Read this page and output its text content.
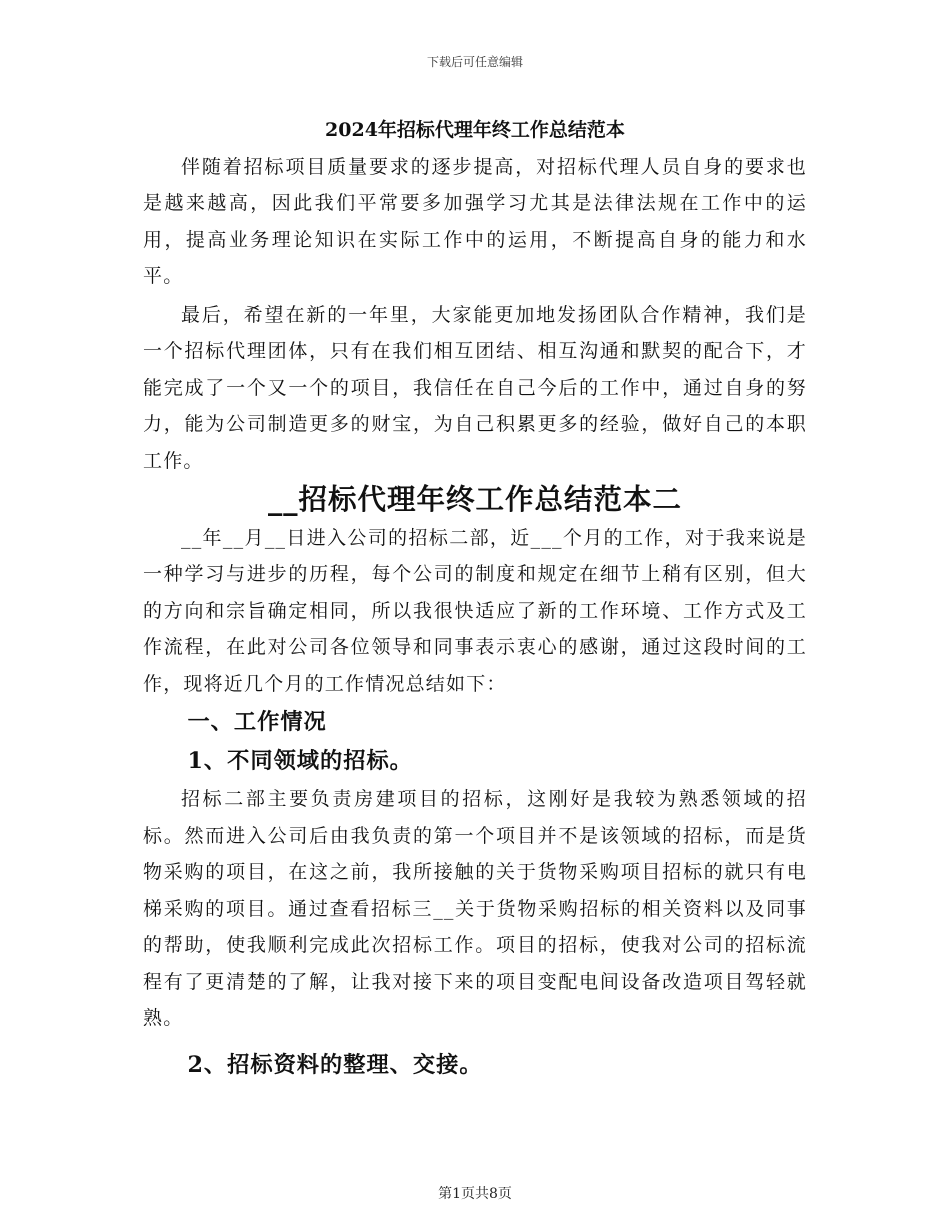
下载后可任意编辑
2024年招标代理年终工作总结范本

伴随着招标项目质量要求的逐步提高，对招标代理人员自身的要求也是越来越高，因此我们平常要多加强学习尤其是法律法规在工作中的运用，提高业务理论知识在实际工作中的运用，不断提高自身的能力和水平。

最后，希望在新的一年里，大家能更加地发扬团队合作精神，我们是一个招标代理团体，只有在我们相互团结、相互沟通和默契的配合下，才能完成了一个又一个的项目，我信任在自己今后的工作中，通过自身的努力，能为公司制造更多的财宝，为自己积累更多的经验，做好自己的本职工作。

__招标代理年终工作总结范本二

__年__月__日进入公司的招标二部，近___个月的工作，对于我来说是一种学习与进步的历程，每个公司的制度和规定在细节上稍有区别，但大的方向和宗旨确定相同，所以我很快适应了新的工作环境、工作方式及工作流程，在此对公司各位领导和同事表示衷心的感谢，通过这段时间的工作，现将近几个月的工作情况总结如下：

一、工作情况
1、不同领域的招标。

招标二部主要负责房建项目的招标，这刚好是我较为熟悉领域的招标。然而进入公司后由我负责的第一个项目并不是该领域的招标，而是货物采购的项目，在这之前，我所接触的关于货物采购项目招标的就只有电梯采购的项目。通过查看招标三__关于货物采购招标的相关资料以及同事的帮助，使我顺利完成此次招标工作。项目的招标，使我对公司的招标流程有了更清楚的了解，让我对接下来的项目变配电间设备改造项目驾轻就熟。

2、招标资料的整理、交接。
第1页共8页
